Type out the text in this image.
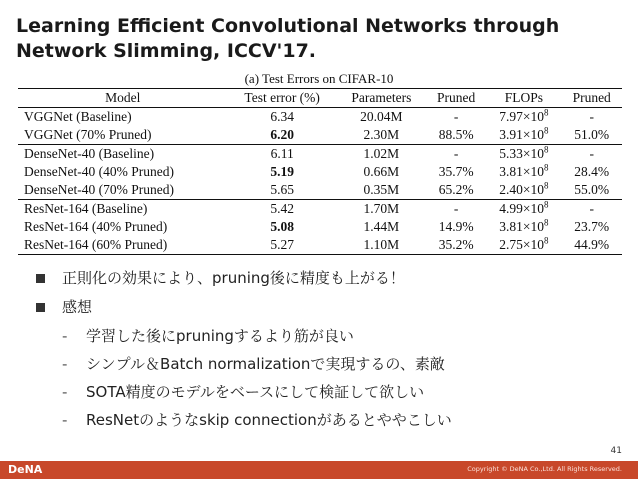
Learning Efficient Convolutional Networks through
Network Slimming, ICCV'17.
(a) Test Errors on CIFAR-10
Model	Test error (%)	Parameters	Pruned	FLOPs	Pruned
VGGNet (Baseline)	6.34	20.04M	-	$7.97\times 10^8$	-
VGGNet (70% Pruned)	6.20	2.30M	88.5%	$3.91\times 10^8$	51.0%
DenseNet-40 (Baseline)	6.11	1.02M	-	$5.33\times 10^8$	-
DenseNet-40 (40% Pruned)	5.19	0.66M	35.7%	$3.81\times 10^8$	28.4%
DenseNet-40 (70% Pruned)	5.65	0.35M	65.2%	$2.40\times 10^8$	55.0%
ResNet-164 (Baseline)	5.42	1.70M	-	$4.99\times 10^8$	-
ResNet-164 (40% Pruned)	5.08	1.44M	14.9%	$3.81\times 10^8$	23.7%
ResNet-164 (60% Pruned)	5.27	1.10M	35.2%	$2.75\times 10^8$	44.9%
正則化の効果により、pruning後に精度も上がる！
感想
- 学習した後にpruningするより筋が良い
- シンプル＆Batch normalizationで実現するの、素敵
- SOTA精度のモデルをベースにして検証して欲しい
- ResNetのようなskip connectionがあるとややこしい
41
DeNA	Copyright © DeNA Co.,Ltd. All Rights Reserved.
